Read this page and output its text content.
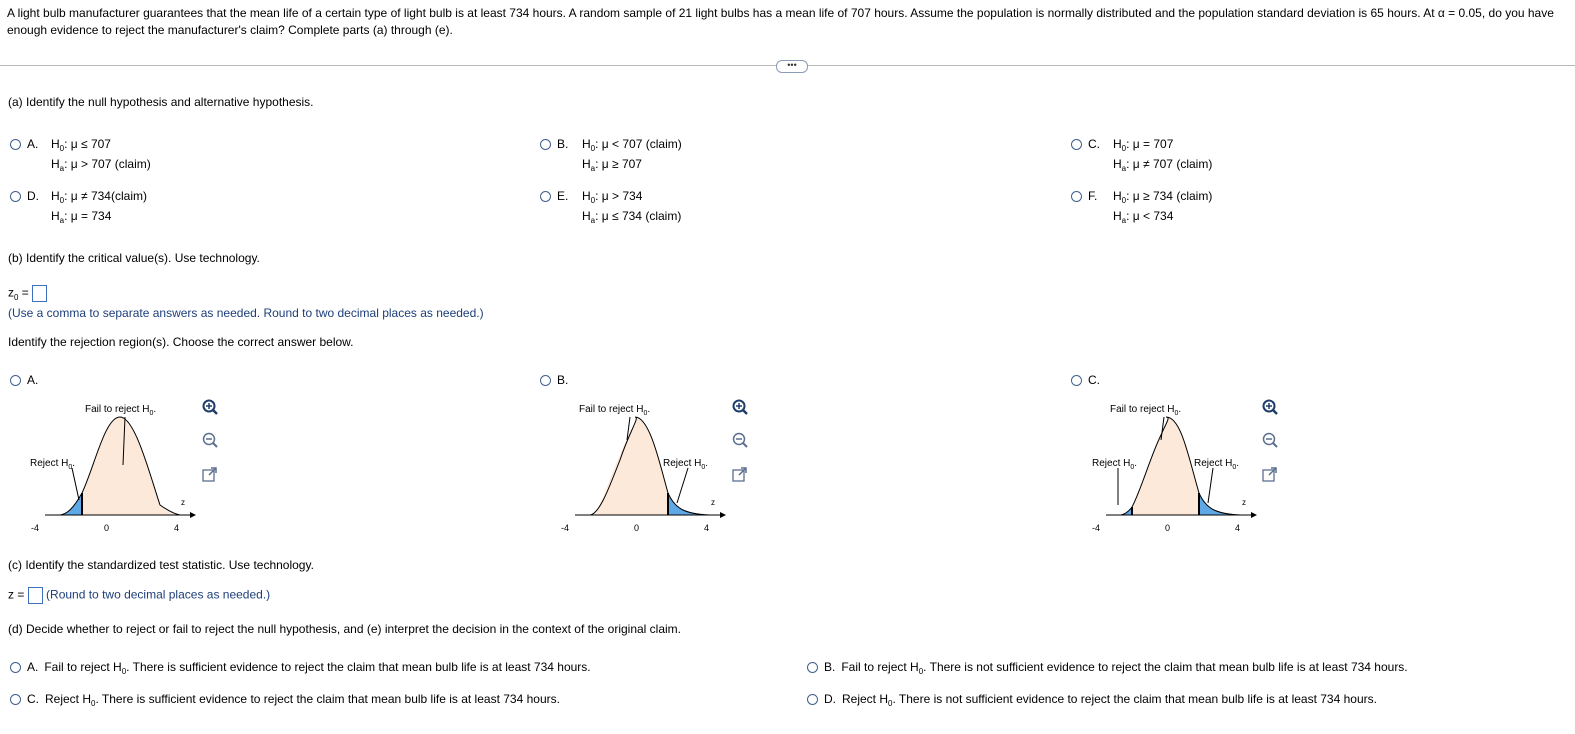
A light bulb manufacturer guarantees that the mean life of a certain type of light bulb is at least 734 hours. A random sample of 21 light bulbs has a mean life of 707 hours. Assume the population is normally distributed and the population standard deviation is 65 hours. At α = 0.05, do you have enough evidence to reject the manufacturer's claim? Complete parts (a) through (e).
•••
(a) Identify the null hypothesis and alternative hypothesis.
A.	$H_0$: μ ≤ 707
$H_a$: μ > 707 (claim)
B.	$H_0$: μ < 707 (claim)
$H_a$: μ ≥ 707
C.	$H_0$: μ = 707
$H_a$: μ ≠ 707 (claim)
D.	$H_0$: μ ≠ 734(claim)
$H_a$: μ = 734
E.	$H_0$: μ > 734
$H_a$: μ ≤ 734 (claim)
F.	$H_0$: μ ≥ 734 (claim)
$H_a$: μ < 734
(b) Identify the critical value(s). Use technology.
$z_0$ =
(Use a comma to separate answers as needed. Round to two decimal places as needed.)
Identify the rejection region(s). Choose the correct answer below.
A.
Fail to reject $H_0$.
Reject $H_0$.
-4	0	4
z
B.
Fail to reject $H_0$.
Reject $H_0$.
-4	0	4
z
C.
Fail to reject $H_0$.
Reject $H_0$.	Reject $H_0$.
-4	0	4
z
(c) Identify the standardized test statistic. Use technology.
z = (Round to two decimal places as needed.)
(d) Decide whether to reject or fail to reject the null hypothesis, and (e) interpret the decision in the context of the original claim.
A. Fail to reject $H_0$. There is sufficient evidence to reject the claim that mean bulb life is at least 734 hours.	B. Fail to reject $H_0$. There is not sufficient evidence to reject the claim that mean bulb life is at least 734 hours.
C. Reject $H_0$. There is sufficient evidence to reject the claim that mean bulb life is at least 734 hours.	D. Reject $H_0$. There is not sufficient evidence to reject the claim that mean bulb life is at least 734 hours.
